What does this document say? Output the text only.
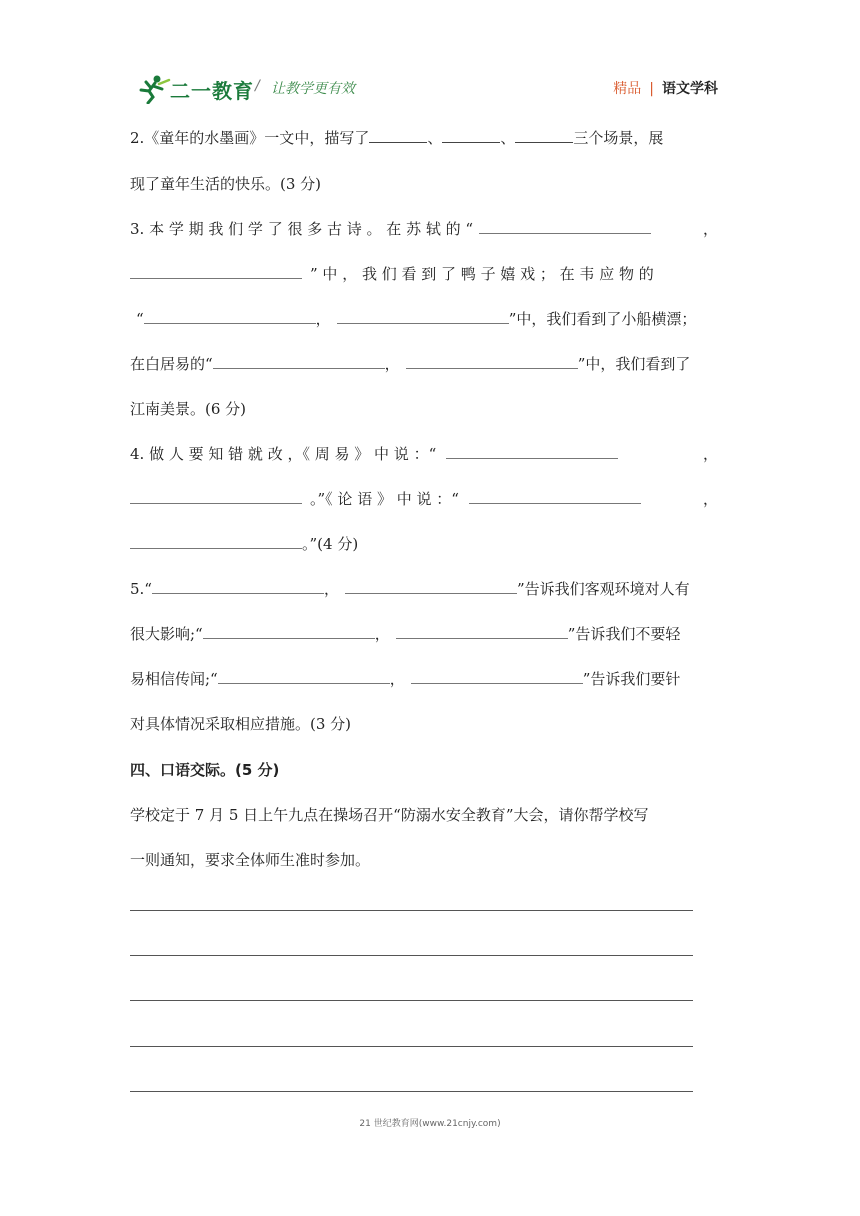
二一教育 / 让教学更有效	精品 | 语文学科
2.《童年的水墨画》一文中，描写了	、	、	三个场景，展
现了童年生活的快乐。(3 分)
3. 本 学 期 我 们 学 了 很 多 古 诗 。 在 苏 轼 的 “	，
” 中 ， 我 们 看 到 了 鸭 子 嬉 戏 ； 在 韦 应 物 的
“	，	”中，我们看到了小船横漂；
在白居易的“	，	”中，我们看到了
江南美景。(6 分)
4. 做 人 要 知 错 就 改 ，《 周 易 》 中 说 ：“	，
。”《 论 语 》 中 说 ：“	，
。”(4 分)
5.“	，	”告诉我们客观环境对人有
很大影响;“	，	”告诉我们不要轻
易相信传闻;“	，	”告诉我们要针
对具体情况采取相应措施。(3 分)
四、口语交际。(5 分)
学校定于 7 月 5 日上午九点在操场召开“防溺水安全教育”大会，请你帮学校写
一则通知，要求全体师生准时参加。
21 世纪教育网(www.21cnjy.com)
